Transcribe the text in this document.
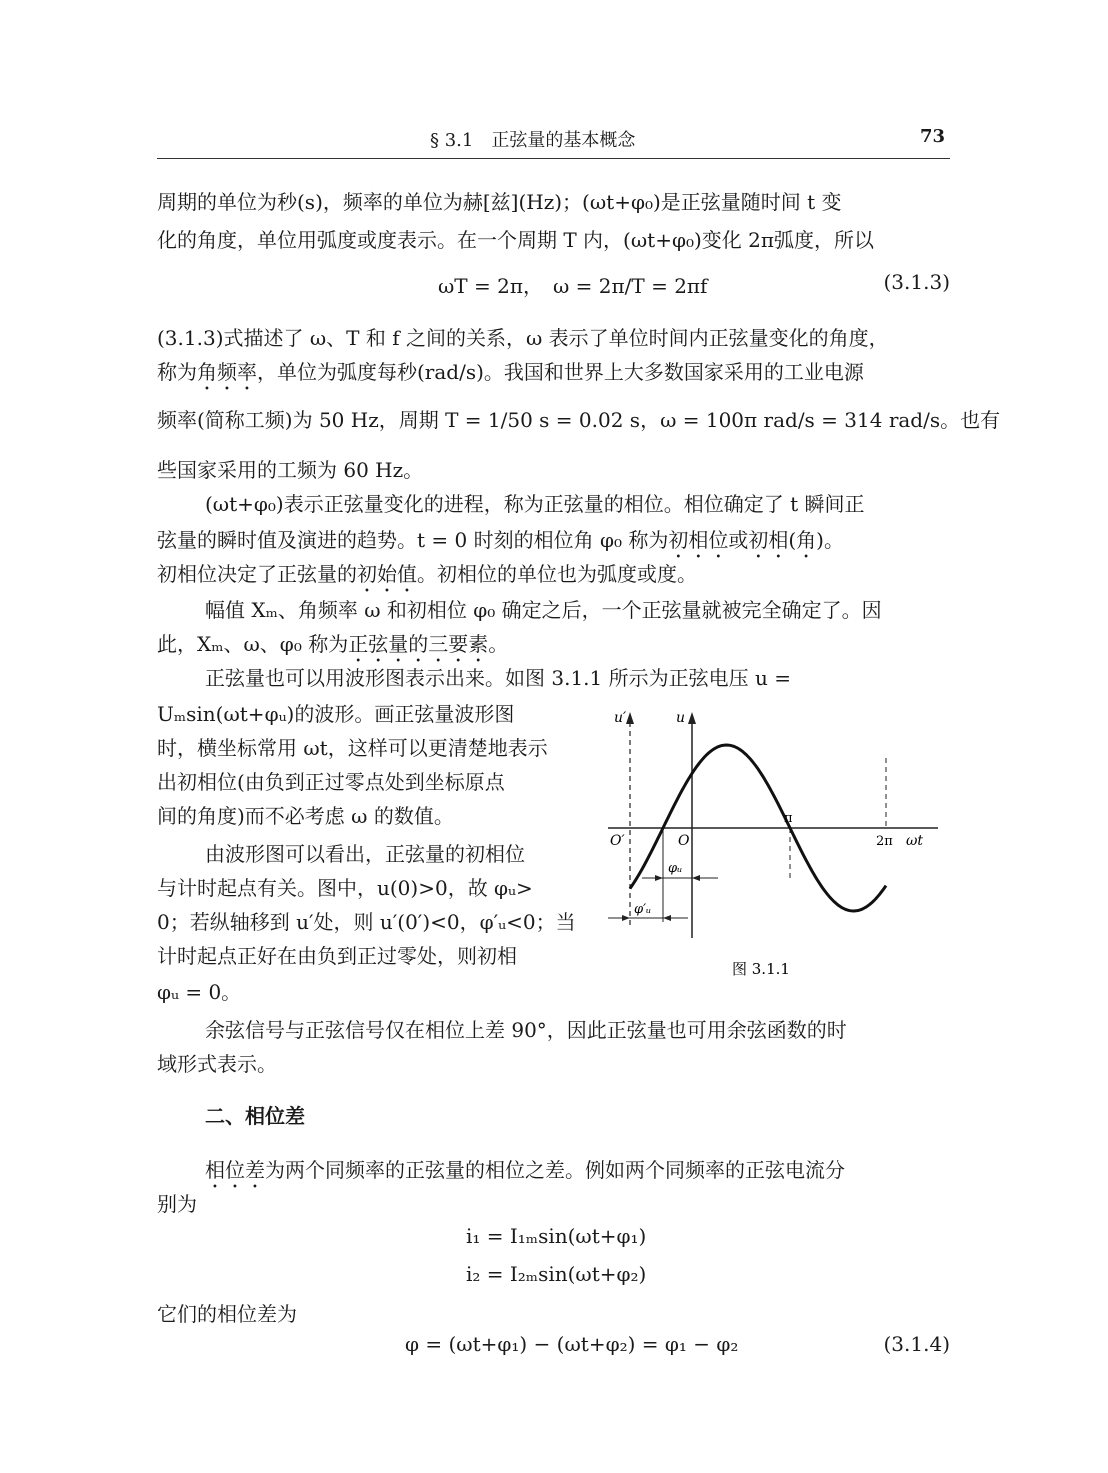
§ 3.1　正弦量的基本概念	73
周期的单位为秒(s)，频率的单位为赫[兹](Hz)；(ωt+φ₀)是正弦量随时间 t 变
化的角度，单位用弧度或度表示。在一个周期 T 内，(ωt+φ₀)变化 2π弧度，所以
ωT = 2π，　ω = 2π/T = 2πf	(3.1.3)
(3.1.3)式描述了 ω、T 和 f 之间的关系，ω 表示了单位时间内正弦量变化的角度，
称为角频率，单位为弧度每秒(rad/s)。我国和世界上大多数国家采用的工业电源
频率(简称工频)为 50 Hz，周期 T = 1/50 s = 0.02 s，ω = 100π rad/s = 314 rad/s。也有
些国家采用的工频为 60 Hz。
(ωt+φ₀)表示正弦量变化的进程，称为正弦量的相位。相位确定了 t 瞬间正
弦量的瞬时值及演进的趋势。t = 0 时刻的相位角 φ₀ 称为初相位或初相(角)。
初相位决定了正弦量的初始值。初相位的单位也为弧度或度。
幅值 Xₘ、角频率 ω 和初相位 φ₀ 确定之后，一个正弦量就被完全确定了。因
此，Xₘ、ω、φ₀ 称为正弦量的三要素。
正弦量也可以用波形图表示出来。如图 3.1.1 所示为正弦电压 u =
Uₘsin(ωt+φᵤ)的波形。画正弦量波形图
时，横坐标常用 ωt，这样可以更清楚地表示
出初相位(由负到正过零点处到坐标原点
间的角度)而不必考虑 ω 的数值。
由波形图可以看出，正弦量的初相位
与计时起点有关。图中，u(0)>0，故 φᵤ>
0；若纵轴移到 u′处，则 u′(0′)<0，φ′ᵤ<0；当
计时起点正好在由负到正过零处，则初相
φᵤ = 0。
u′	u
O′	O
π
2π ωt
φᵤ
φ′ᵤ
图 3.1.1
余弦信号与正弦信号仅在相位上差 90°，因此正弦量也可用余弦函数的时
域形式表示。
二、相位差
相位差为两个同频率的正弦量的相位之差。例如两个同频率的正弦电流分
别为
i₁ = I₁ₘsin(ωt+φ₁)
i₂ = I₂ₘsin(ωt+φ₂)
它们的相位差为
φ = (ωt+φ₁) − (ωt+φ₂) = φ₁ − φ₂	(3.1.4)
